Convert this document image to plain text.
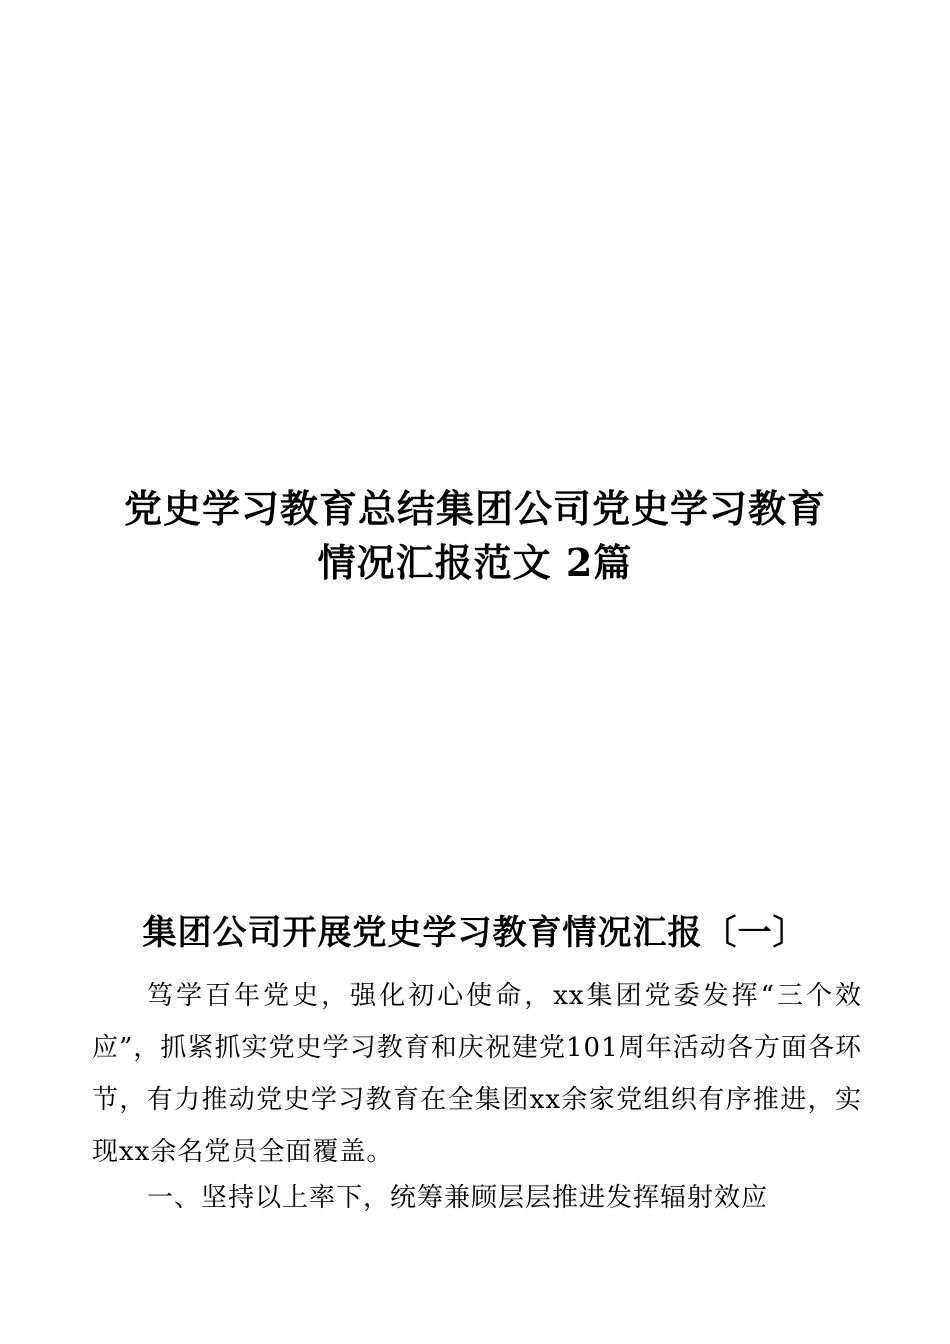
党史学习教育总结集团公司党史学习教育
情况汇报范文 2篇
集团公司开展党史学习教育情况汇报〔一〕

笃学百年党史，强化初心使命，xx集团党委发挥“三个效应”，抓紧抓实党史学习教育和庆祝建党101周年活动各方面各环节，有力推动党史学习教育在全集团xx余家党组织有序推进，实现xx余名党员全面覆盖。

一、坚持以上率下，统筹兼顾层层推进发挥辐射效应
